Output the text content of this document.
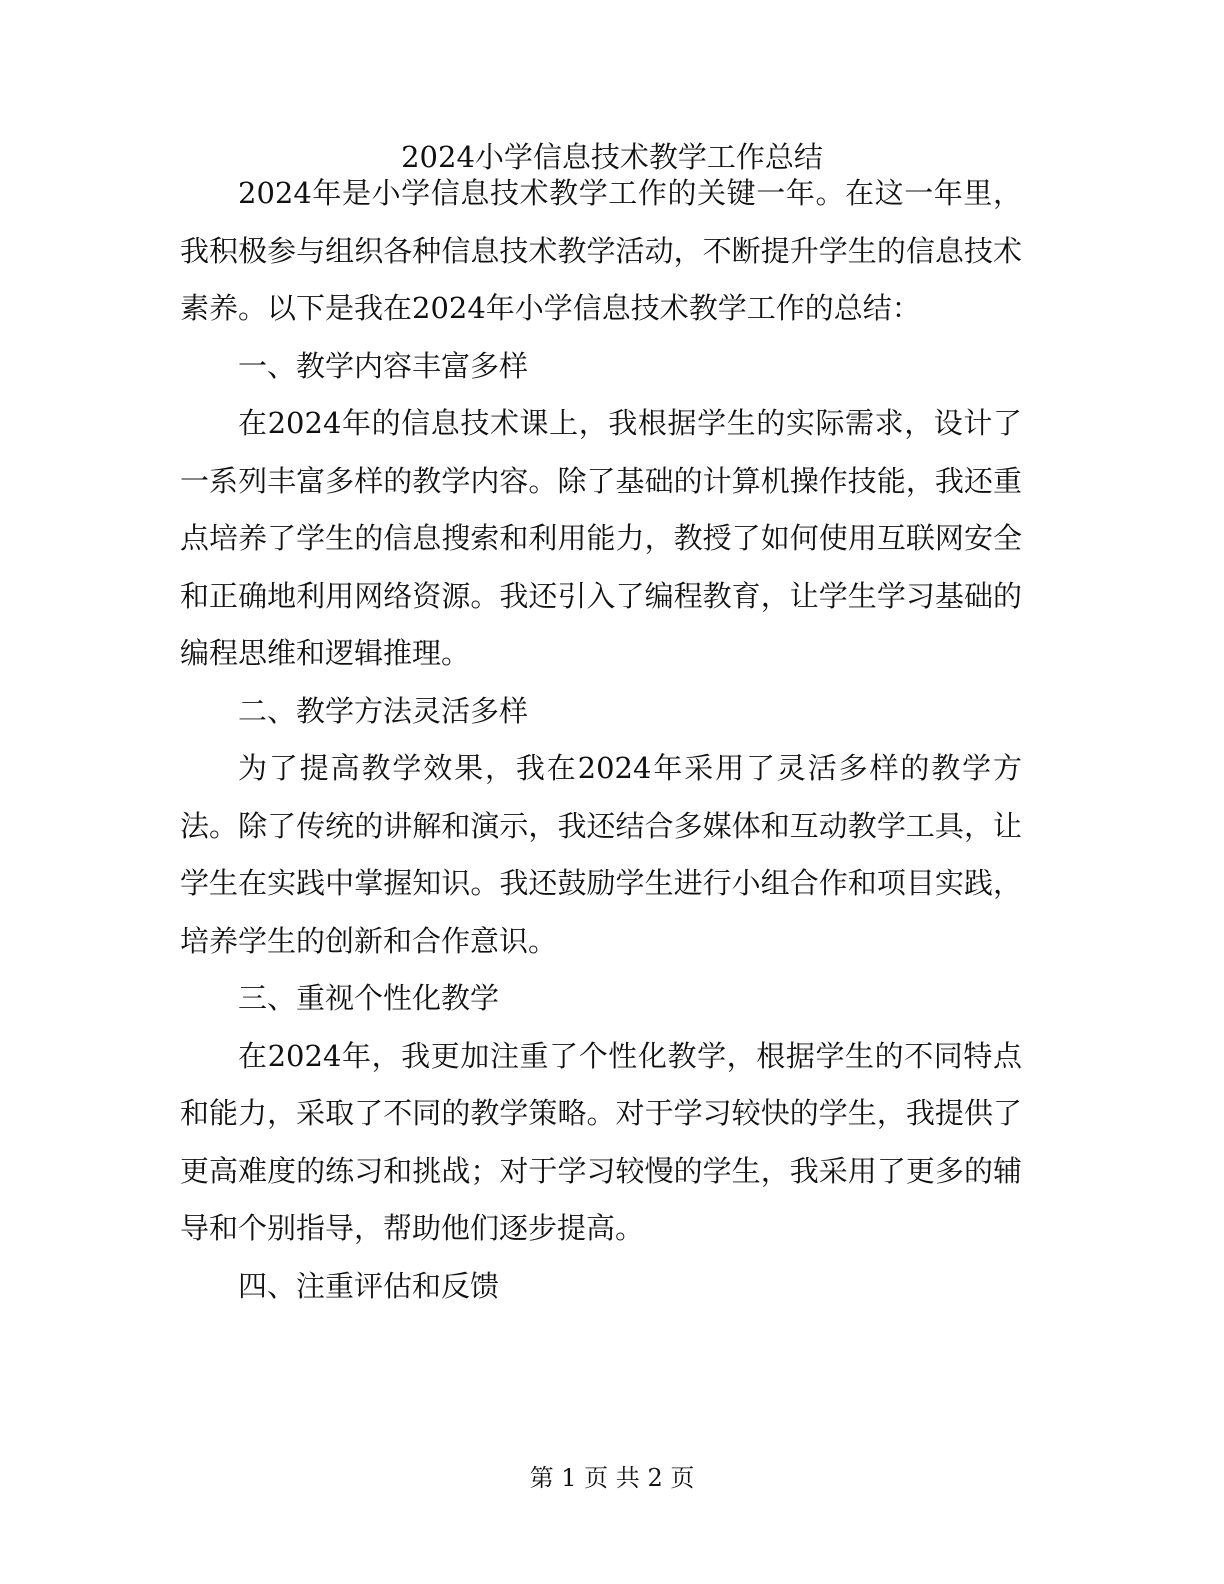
2024小学信息技术教学工作总结

2024年是小学信息技术教学工作的关键一年。在这一年里，我积极参与组织各种信息技术教学活动，不断提升学生的信息技术素养。以下是我在2024年小学信息技术教学工作的总结：

一、教学内容丰富多样

在2024年的信息技术课上，我根据学生的实际需求，设计了一系列丰富多样的教学内容。除了基础的计算机操作技能，我还重点培养了学生的信息搜索和利用能力，教授了如何使用互联网安全和正确地利用网络资源。我还引入了编程教育，让学生学习基础的编程思维和逻辑推理。

二、教学方法灵活多样

为了提高教学效果，我在2024年采用了灵活多样的教学方法。除了传统的讲解和演示，我还结合多媒体和互动教学工具，让学生在实践中掌握知识。我还鼓励学生进行小组合作和项目实践，培养学生的创新和合作意识。

三、重视个性化教学

在2024年，我更加注重了个性化教学，根据学生的不同特点和能力，采取了不同的教学策略。对于学习较快的学生，我提供了更高难度的练习和挑战；对于学习较慢的学生，我采用了更多的辅导和个别指导，帮助他们逐步提高。

四、注重评估和反馈

第 1 页 共 2 页
